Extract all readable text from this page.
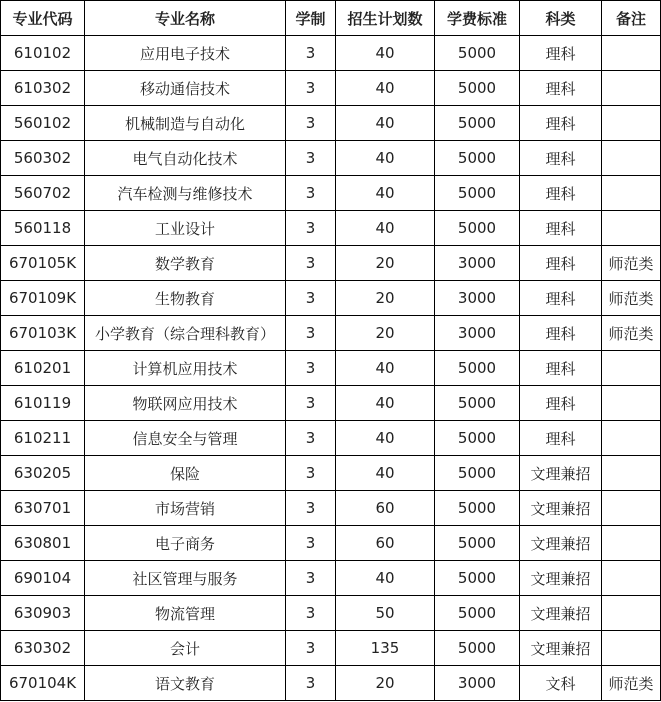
专业代码	专业名称	学制	招生计划数	学费标准	科类	备注
610102	应用电子技术	3	40	5000	理科	
610302	移动通信技术	3	40	5000	理科	
560102	机械制造与自动化	3	40	5000	理科	
560302	电气自动化技术	3	40	5000	理科	
560702	汽车检测与维修技术	3	40	5000	理科	
560118	工业设计	3	40	5000	理科	
670105K	数学教育	3	20	3000	理科	师范类
670109K	生物教育	3	20	3000	理科	师范类
670103K	小学教育（综合理科教育）	3	20	3000	理科	师范类
610201	计算机应用技术	3	40	5000	理科	
610119	物联网应用技术	3	40	5000	理科	
610211	信息安全与管理	3	40	5000	理科	
630205	保险	3	40	5000	文理兼招	
630701	市场营销	3	60	5000	文理兼招	
630801	电子商务	3	60	5000	文理兼招	
690104	社区管理与服务	3	40	5000	文理兼招	
630903	物流管理	3	50	5000	文理兼招	
630302	会计	3	135	5000	文理兼招	
670104K	语文教育	3	20	3000	文科	师范类
